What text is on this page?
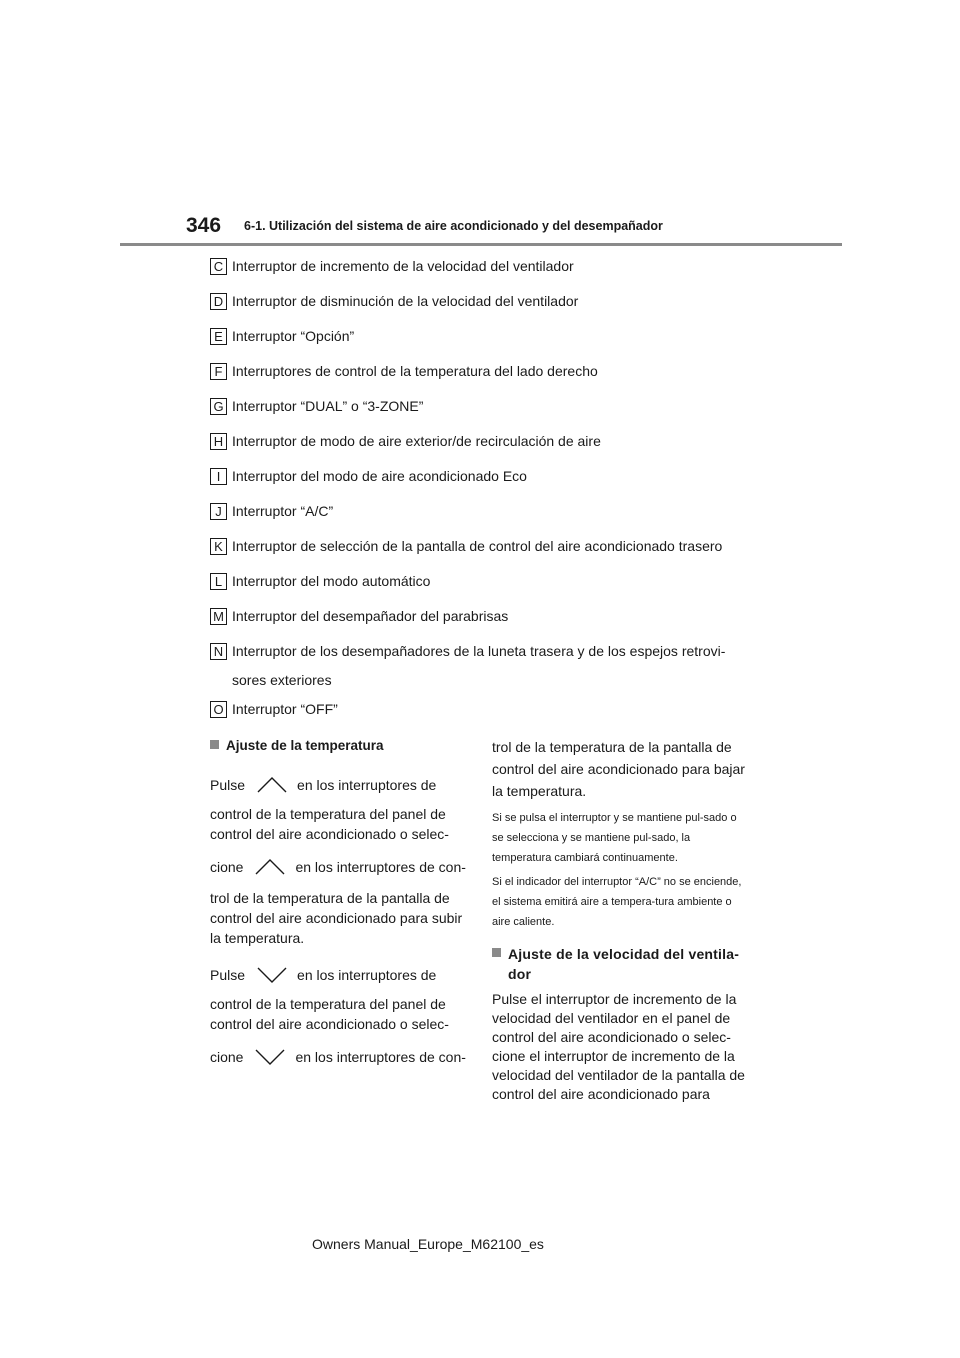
346 6-1. Utilización del sistema de aire acondicionado y del desempañador
C Interruptor de incremento de la velocidad del ventilador
D Interruptor de disminución de la velocidad del ventilador
E Interruptor “Opción”
F Interruptores de control de la temperatura del lado derecho
G Interruptor “DUAL” o “3-ZONE”
H Interruptor de modo de aire exterior/de recirculación de aire
I Interruptor del modo de aire acondicionado Eco
J Interruptor “A/C”
K Interruptor de selección de la pantalla de control del aire acondicionado trasero
L Interruptor del modo automático
M Interruptor del desempañador del parabrisas
N Interruptor de los desempañadores de la luneta trasera y de los espejos retrovi-
sores exteriores
O Interruptor “OFF”
Ajuste de la temperatura
Pulse	en los interruptores de

control de la temperatura del panel de control del aire acondicionado o selec-

cione	en los interruptores de con-

trol de la temperatura de la pantalla de control del aire acondicionado para subir la temperatura.

Pulse	en los interruptores de

control de la temperatura del panel de control del aire acondicionado o selec-

cione	en los interruptores de con-

trol de la temperatura de la pantalla de control del aire acondicionado para bajar la temperatura.

Si se pulsa el interruptor y se mantiene pul-sado o se selecciona y se mantiene pul-sado, la temperatura cambiará continuamente.

Si el indicador del interruptor “A/C” no se enciende, el sistema emitirá aire a tempera-tura ambiente o aire caliente.

Ajuste de la velocidad del ventila-dor

Pulse el interruptor de incremento de la velocidad del ventilador en el panel de control del aire acondicionado o selec-cione el interruptor de incremento de la velocidad del ventilador de la pantalla de control del aire acondicionado para

Owners Manual_Europe_M62100_es
